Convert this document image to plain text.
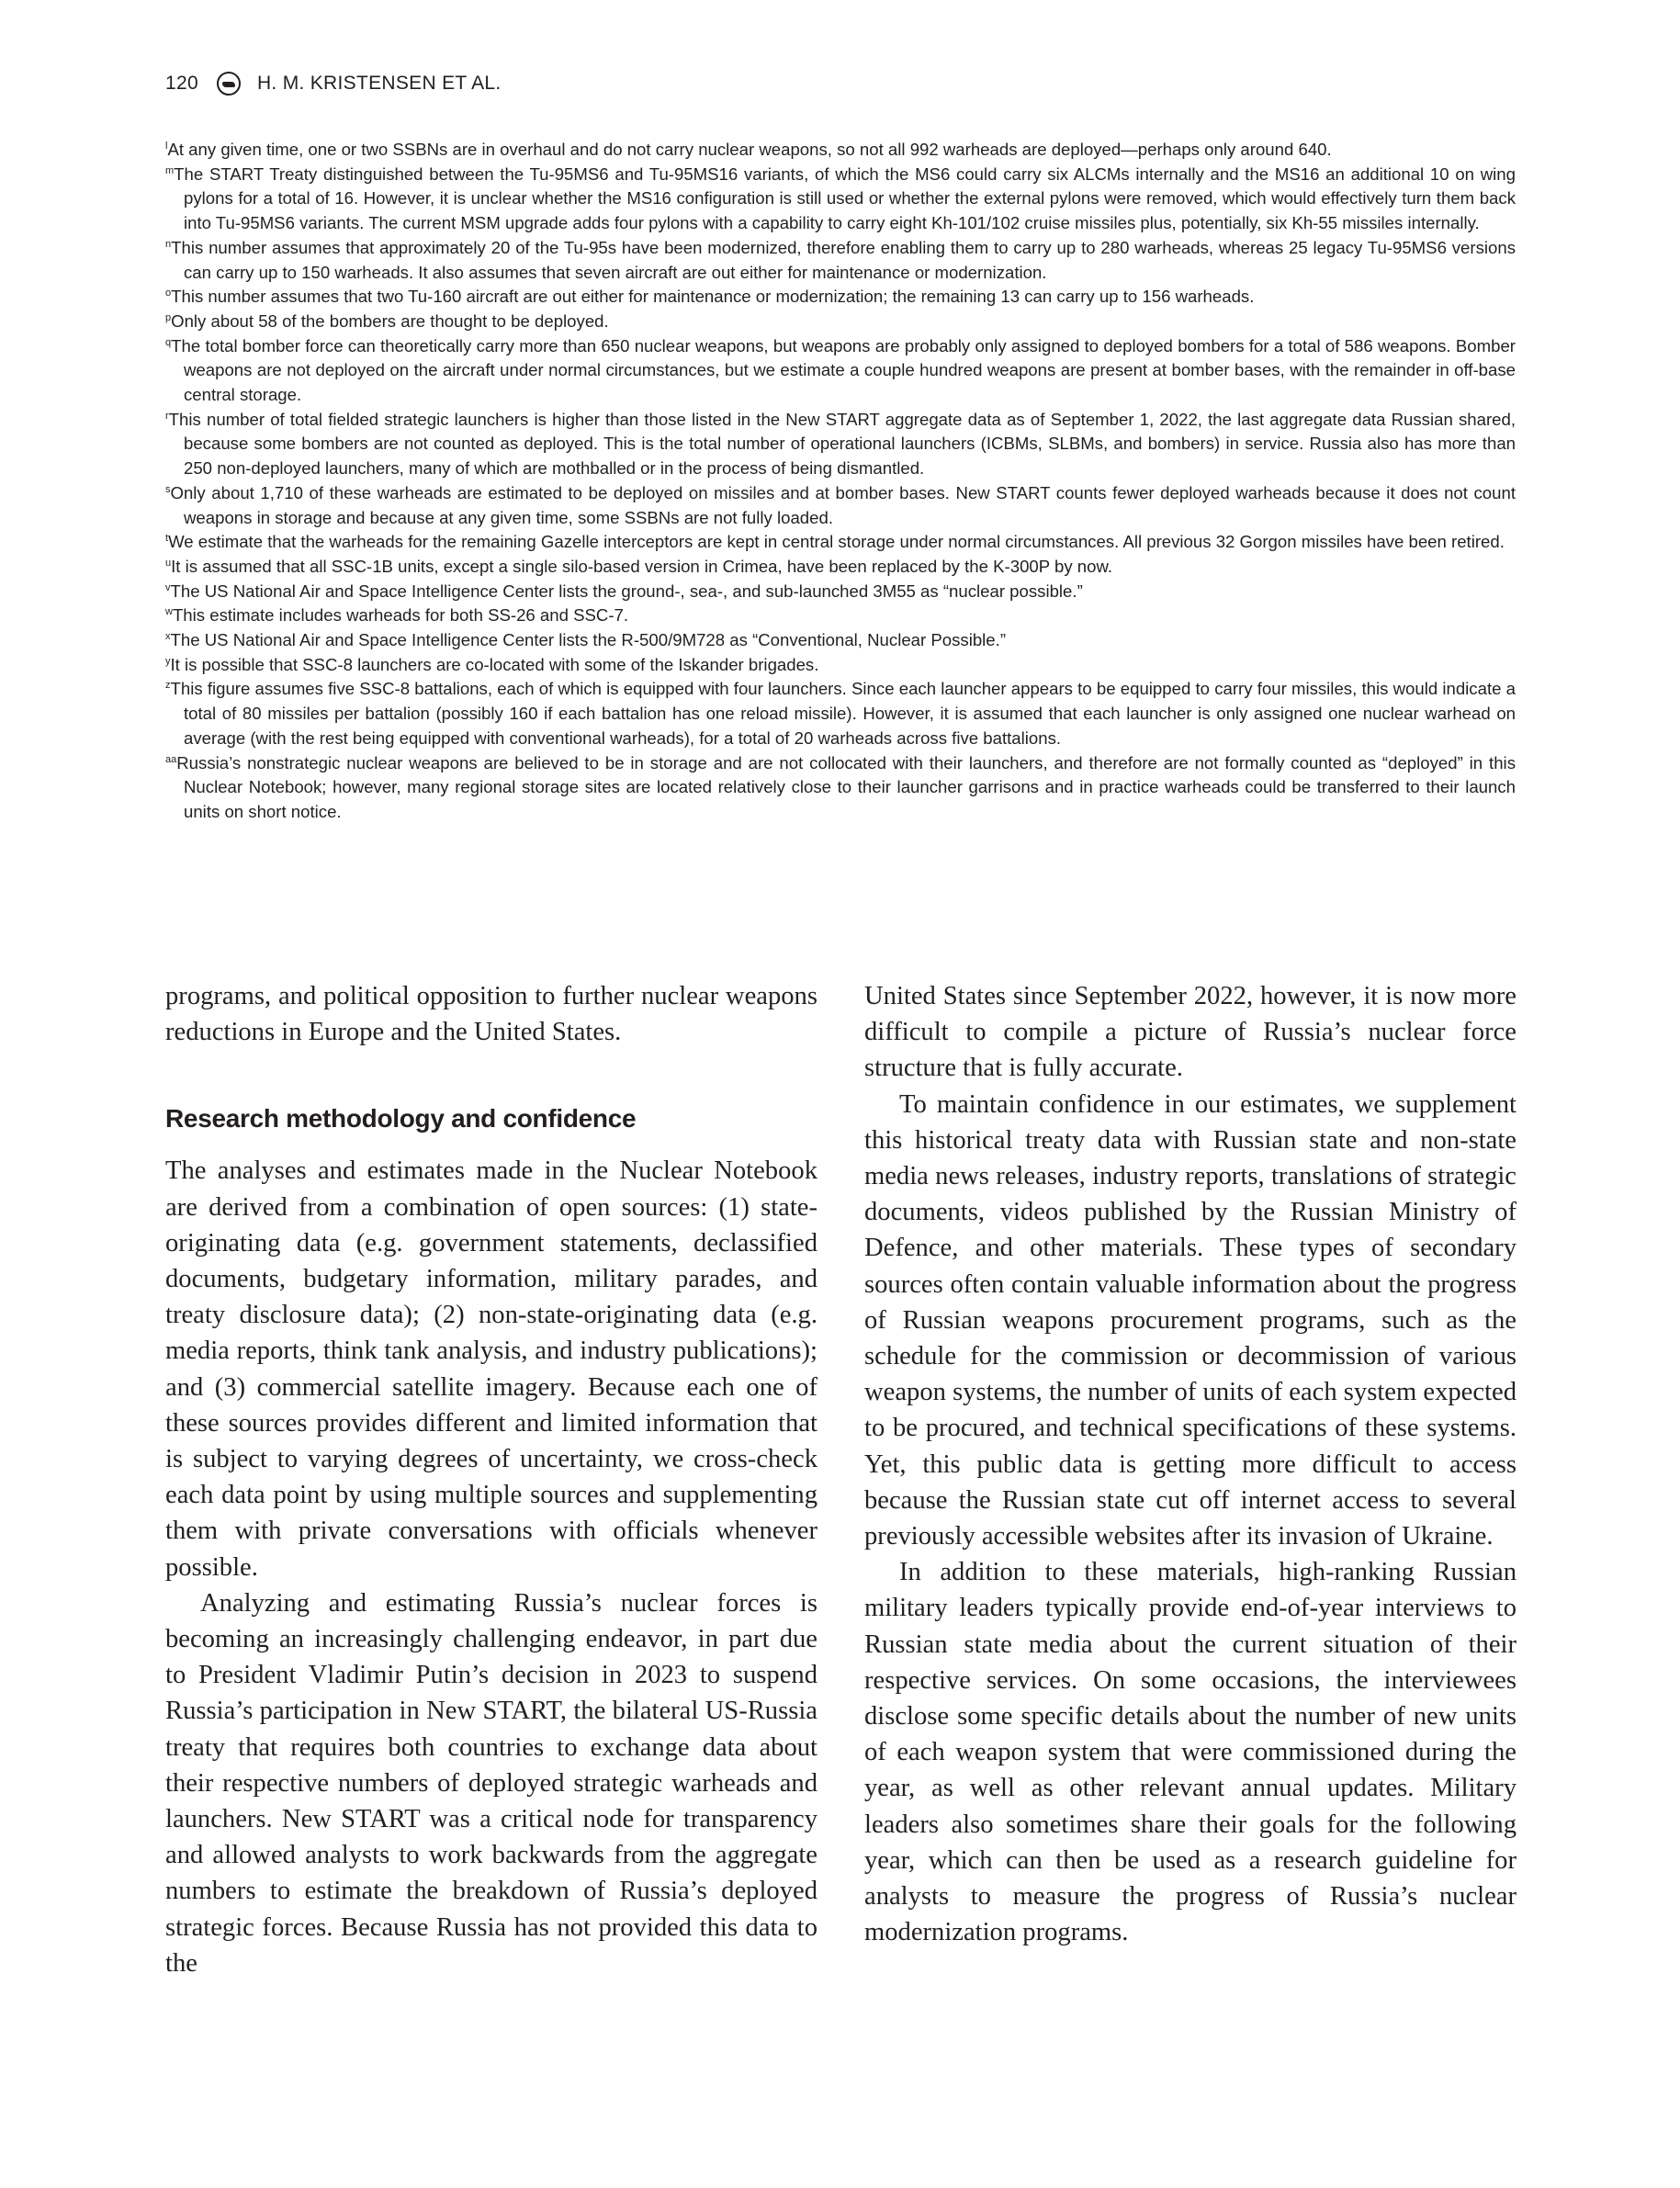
120	H. M. KRISTENSEN ET AL.

$^l$At any given time, one or two SSBNs are in overhaul and do not carry nuclear weapons, so not all 992 warheads are deployed—perhaps only around 640.

$^m$The START Treaty distinguished between the Tu-95MS6 and Tu-95MS16 variants, of which the MS6 could carry six ALCMs internally and the MS16 an additional 10 on wing pylons for a total of 16. However, it is unclear whether the MS16 configuration is still used or whether the external pylons were removed, which would effectively turn them back into Tu-95MS6 variants. The current MSM upgrade adds four pylons with a capability to carry eight Kh-101/102 cruise missiles plus, potentially, six Kh-55 missiles internally.

$^n$This number assumes that approximately 20 of the Tu-95s have been modernized, therefore enabling them to carry up to 280 warheads, whereas 25 legacy Tu-95MS6 versions can carry up to 150 warheads. It also assumes that seven aircraft are out either for maintenance or modernization.

$^o$This number assumes that two Tu-160 aircraft are out either for maintenance or modernization; the remaining 13 can carry up to 156 warheads.

$^p$Only about 58 of the bombers are thought to be deployed.

$^q$The total bomber force can theoretically carry more than 650 nuclear weapons, but weapons are probably only assigned to deployed bombers for a total of 586 weapons. Bomber weapons are not deployed on the aircraft under normal circumstances, but we estimate a couple hundred weapons are present at bomber bases, with the remainder in off-base central storage.

$^r$This number of total fielded strategic launchers is higher than those listed in the New START aggregate data as of September 1, 2022, the last aggregate data Russian shared, because some bombers are not counted as deployed. This is the total number of operational launchers (ICBMs, SLBMs, and bombers) in service. Russia also has more than 250 non-deployed launchers, many of which are mothballed or in the process of being dismantled.

$^s$Only about 1,710 of these warheads are estimated to be deployed on missiles and at bomber bases. New START counts fewer deployed warheads because it does not count weapons in storage and because at any given time, some SSBNs are not fully loaded.

$^t$We estimate that the warheads for the remaining Gazelle interceptors are kept in central storage under normal circumstances. All previous 32 Gorgon missiles have been retired.

$^u$It is assumed that all SSC-1B units, except a single silo-based version in Crimea, have been replaced by the K-300P by now.

$^v$The US National Air and Space Intelligence Center lists the ground-, sea-, and sub-launched 3M55 as “nuclear possible.”

$^w$This estimate includes warheads for both SS-26 and SSC-7.

$^x$The US National Air and Space Intelligence Center lists the R-500/9M728 as “Conventional, Nuclear Possible.”

$^y$It is possible that SSC-8 launchers are co-located with some of the Iskander brigades.

$^z$This figure assumes five SSC-8 battalions, each of which is equipped with four launchers. Since each launcher appears to be equipped to carry four missiles, this would indicate a total of 80 missiles per battalion (possibly 160 if each battalion has one reload missile). However, it is assumed that each launcher is only assigned one nuclear warhead on average (with the rest being equipped with conventional warheads), for a total of 20 warheads across five battalions.

$^{aa}$Russia’s nonstrategic nuclear weapons are believed to be in storage and are not collocated with their launchers, and therefore are not formally counted as “deployed” in this Nuclear Notebook; however, many regional storage sites are located relatively close to their launcher garrisons and in practice warheads could be transferred to their launch units on short notice.

programs, and political opposition to further nuclear weapons reductions in Europe and the United States.

Research methodology and confidence

The analyses and estimates made in the Nuclear Notebook are derived from a combination of open sources: (1) state-originating data (e.g. government statements, declassified documents, budgetary information, military parades, and treaty disclosure data); (2) non-state-originating data (e.g. media reports, think tank analysis, and industry publications); and (3) commercial satellite imagery. Because each one of these sources provides different and limited information that is subject to varying degrees of uncertainty, we cross-check each data point by using multiple sources and supplementing them with private conversations with officials whenever possible.

Analyzing and estimating Russia’s nuclear forces is becoming an increasingly challenging endeavor, in part due to President Vladimir Putin’s decision in 2023 to suspend Russia’s participation in New START, the bilateral US-Russia treaty that requires both countries to exchange data about their respective numbers of deployed strategic warheads and launchers. New START was a critical node for transparency and allowed analysts to work backwards from the aggregate numbers to estimate the breakdown of Russia’s deployed strategic forces. Because Russia has not provided this data to the

United States since September 2022, however, it is now more difficult to compile a picture of Russia’s nuclear force structure that is fully accurate.

To maintain confidence in our estimates, we supplement this historical treaty data with Russian state and non-state media news releases, industry reports, translations of strategic documents, videos published by the Russian Ministry of Defence, and other materials. These types of secondary sources often contain valuable information about the progress of Russian weapons procurement programs, such as the schedule for the commission or decommission of various weapon systems, the number of units of each system expected to be procured, and technical specifications of these systems. Yet, this public data is getting more difficult to access because the Russian state cut off internet access to several previously accessible websites after its invasion of Ukraine.

In addition to these materials, high-ranking Russian military leaders typically provide end-of-year interviews to Russian state media about the current situation of their respective services. On some occasions, the interviewees disclose some specific details about the number of new units of each weapon system that were commissioned during the year, as well as other relevant annual updates. Military leaders also sometimes share their goals for the following year, which can then be used as a research guideline for analysts to measure the progress of Russia’s nuclear modernization programs.
